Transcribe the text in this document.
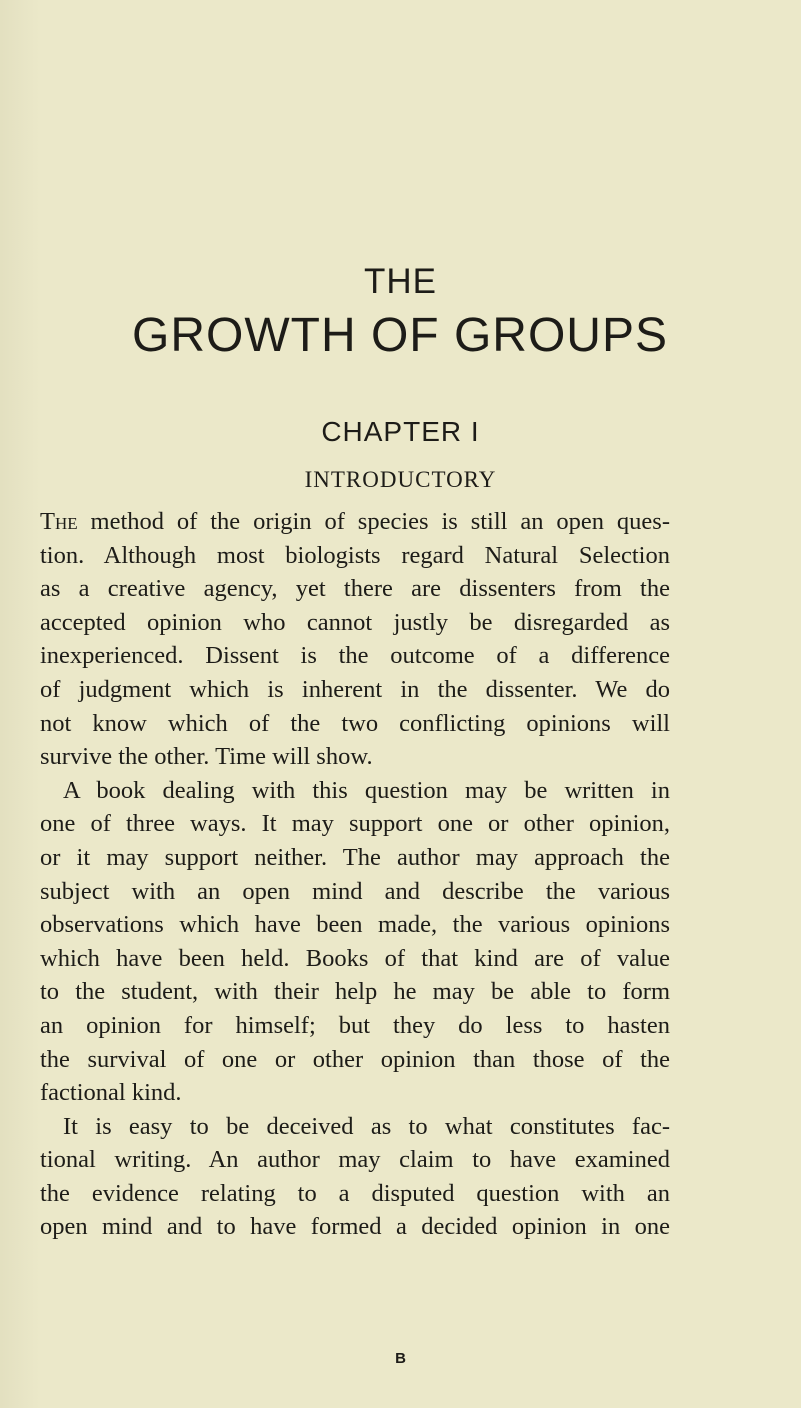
THE
GROWTH OF GROUPS
CHAPTER I
INTRODUCTORY
The method of the origin of species is still an open ques-
tion. Although most biologists regard Natural Selection
as a creative agency, yet there are dissenters from the
accepted opinion who cannot justly be disregarded as
inexperienced. Dissent is the outcome of a difference
of judgment which is inherent in the dissenter. We do
not know which of the two conflicting opinions will
survive the other. Time will show.
A book dealing with this question may be written in
one of three ways. It may support one or other opinion,
or it may support neither. The author may approach the
subject with an open mind and describe the various
observations which have been made, the various opinions
which have been held. Books of that kind are of value
to the student, with their help he may be able to form
an opinion for himself; but they do less to hasten
the survival of one or other opinion than those of the
factional kind.
It is easy to be deceived as to what constitutes fac-
tional writing. An author may claim to have examined
the evidence relating to a disputed question with an
open mind and to have formed a decided opinion in one
B
